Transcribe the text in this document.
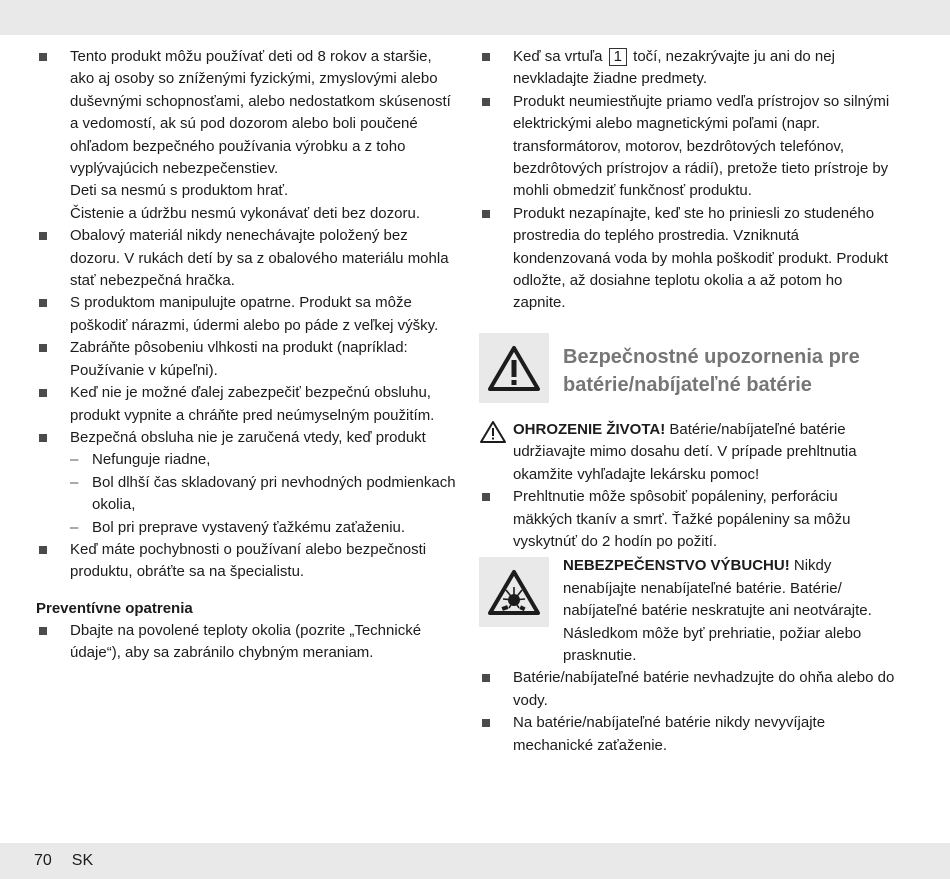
Tento produkt môžu používať deti od 8 rokov a staršie, ako aj osoby so zníženými fyzickými, zmyslovými alebo duševnými schopnosťami, alebo nedostatkom skúseností a vedomostí, ak sú pod dozorom alebo boli poučené ohľadom bezpečného používania výrobku a z toho vyplývajúcich nebezpečenstiev.
Deti sa nesmú s produktom hrať.
Čistenie a údržbu nesmú vykonávať deti bez dozoru.
Obalový materiál nikdy nenechávajte položený bez dozoru. V rukách detí by sa z obalového materiálu mohla stať nebezpečná hračka.
S produktom manipulujte opatrne. Produkt sa môže poškodiť nárazmi, údermi alebo po páde z veľkej výšky.
Zabráňte pôsobeniu vlhkosti na produkt (napríklad: Používanie v kúpeľni).
Keď nie je možné ďalej zabezpečiť bezpečnú obsluhu, produkt vypnite a chráňte pred neúmyselným použitím.
Bezpečná obsluha nie je zaručená vtedy, keď produkt
– Nefunguje riadne,
– Bol dlhší čas skladovaný pri nevhodných podmienkach okolia,
– Bol pri preprave vystavený ťažkému zaťaženiu.
Keď máte pochybnosti o používaní alebo bezpečnosti produktu, obráťte sa na špecialistu.
Preventívne opatrenia
Dbajte na povolené teploty okolia (pozrite „Technické údaje“), aby sa zabránilo chybným meraniam.
Keď sa vrtuľa 1 točí, nezakrývajte ju ani do nej nevkladajte žiadne predmety.
Produkt neumiestňujte priamo vedľa prístrojov so silnými elektrickými alebo magnetickými poľami (napr. transformátorov, motorov, bezdrôtových telefónov, bezdrôtových prístrojov a rádií), pretože tieto prístroje by mohli obmedziť funkčnosť produktu.
Produkt nezapínajte, keď ste ho priniesli zo studeného prostredia do teplého prostredia. Vzniknutá kondenzovaná voda by mohla poškodiť produkt. Produkt odložte, až dosiahne teplotu okolia a až potom ho zapnite.
Bezpečnostné upozornenia pre batérie/nabíjateľné batérie
OHROZENIE ŽIVOTA! Batérie/nabíjateľné batérie udržiavajte mimo dosahu detí. V prípade prehltnutia okamžite vyhľadajte lekársku pomoc!
Prehltnutie môže spôsobiť popáleniny, perforáciu mäkkých tkanív a smrť. Ťažké popáleniny sa môžu vyskytnúť do 2 hodín po požití.
NEBEZPEČENSTVO VÝBUCHU! Nikdy nenabíjajte nenabíjateľné batérie. Batérie/ nabíjateľné batérie neskratujte ani neotvárajte. Následkom môže byť prehriatie, požiar alebo prasknutie.
Batérie/nabíjateľné batérie nevhadzujte do ohňa alebo do vody.
Na batérie/nabíjateľné batérie nikdy nevyvíjajte mechanické zaťaženie.
70 SK
